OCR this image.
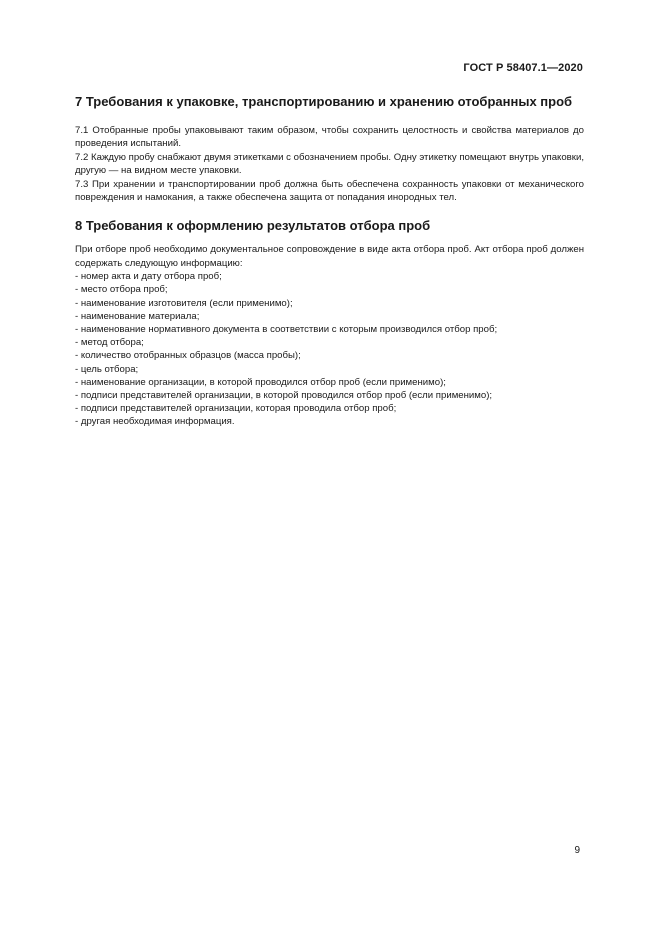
ГОСТ Р 58407.1—2020
7 Требования к упаковке, транспортированию и хранению отобранных проб

7.1 Отобранные пробы упаковывают таким образом, чтобы сохранить целостность и свойства материалов до проведения испытаний.

7.2 Каждую пробу снабжают двумя этикетками с обозначением пробы. Одну этикетку помещают внутрь упаковки, другую — на видном месте упаковки.

7.3 При хранении и транспортировании проб должна быть обеспечена сохранность упаковки от механического повреждения и намокания, а также обеспечена защита от попадания инородных тел.

8 Требования к оформлению результатов отбора проб

При отборе проб необходимо документальное сопровождение в виде акта отбора проб. Акт отбора проб должен содержать следующую информацию:

- номер акта и дату отбора проб;
- место отбора проб;
- наименование изготовителя (если применимо);
- наименование материала;
- наименование нормативного документа в соответствии с которым производился отбор проб;
- метод отбора;
- количество отобранных образцов (масса пробы);
- цель отбора;
- наименование организации, в которой проводился отбор проб (если применимо);
- подписи представителей организации, в которой проводился отбор проб (если применимо);
- подписи представителей организации, которая проводила отбор проб;
- другая необходимая информация.
9
